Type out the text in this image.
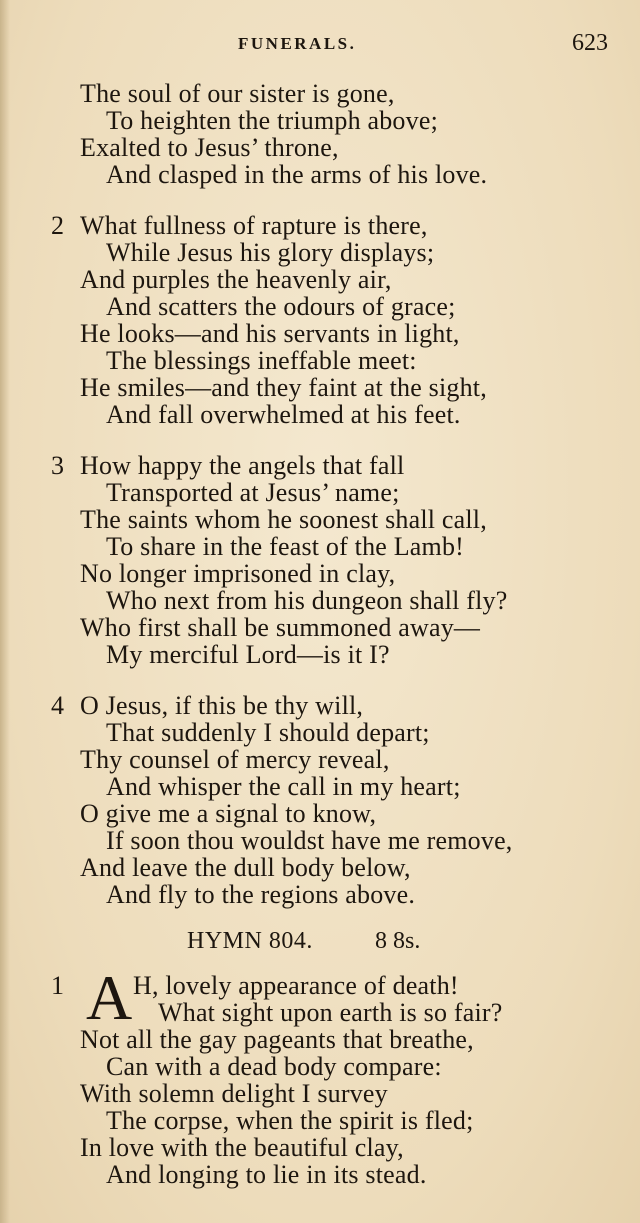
FUNERALS.	623
The soul of our sister is gone,
To heighten the triumph above;
Exalted to Jesus’ throne,
And clasped in the arms of his love.
2 What fullness of rapture is there,
While Jesus his glory displays;
And purples the heavenly air,
And scatters the odours of grace;
He looks—and his servants in light,
The blessings ineffable meet:
He smiles—and they faint at the sight,
And fall overwhelmed at his feet.
3 How happy the angels that fall
Transported at Jesus’ name;
The saints whom he soonest shall call,
To share in the feast of the Lamb!
No longer imprisoned in clay,
Who next from his dungeon shall fly?
Who first shall be summoned away—
My merciful Lord—is it I?
4 O Jesus, if this be thy will,
That suddenly I should depart;
Thy counsel of mercy reveal,
And whisper the call in my heart;
O give me a signal to know,
If soon thou wouldst have me remove,
And leave the dull body below,
And fly to the regions above.
HYMN 804.	8 8s.
1 A H, lovely appearance of death!
What sight upon earth is so fair?
Not all the gay pageants that breathe,
Can with a dead body compare:
With solemn delight I survey
The corpse, when the spirit is fled;
In love with the beautiful clay,
And longing to lie in its stead.
